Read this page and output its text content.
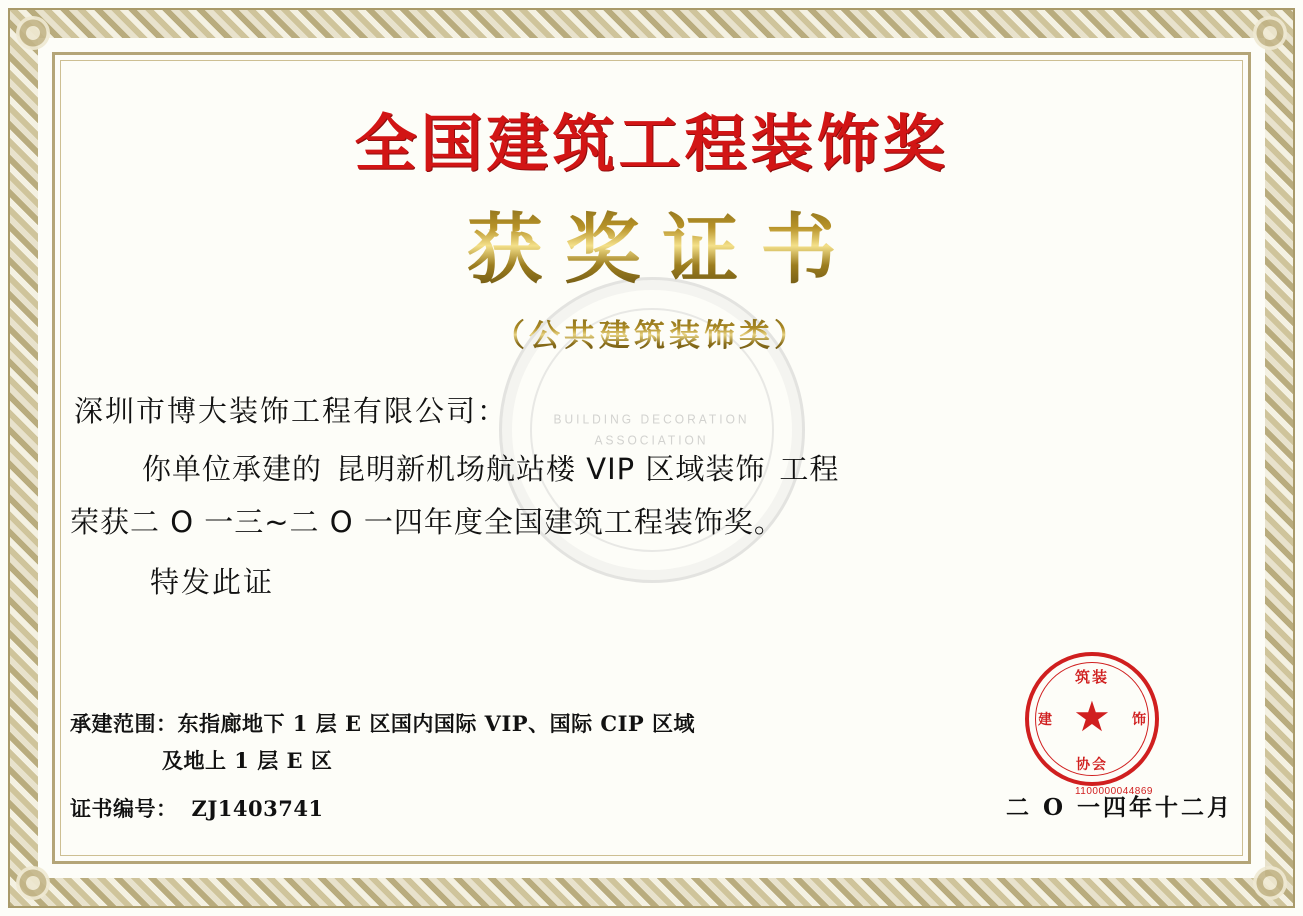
BUILDING DECORATION ASSOCIATION
全国建筑工程装饰奖
获奖证书
（公共建筑装饰类）
深圳市博大装饰工程有限公司：
你单位承建的 昆明新机场航站楼 VIP 区域装饰 工程
荣获二 O 一三~二 O 一四年度全国建筑工程装饰奖。
特发此证
承建范围：东指廊地下 1 层 E 区国内国际 VIP、国际 CIP 区域
及地上 1 层 E 区
证书编号： ZJ1403741
筑装
建	饰
★
协会
1100000044869
二 O 一四年十二月
